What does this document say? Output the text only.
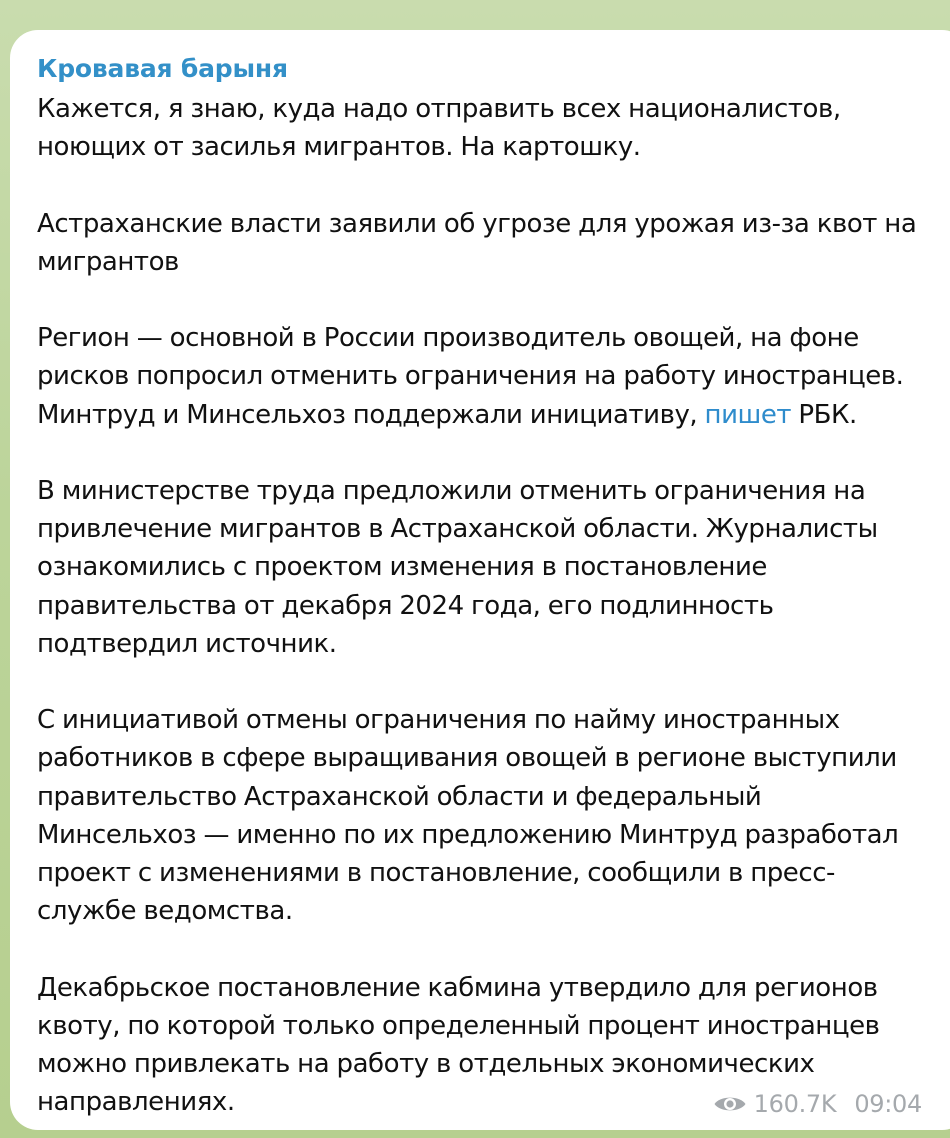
Кровавая барыня

Кажется, я знаю, куда надо отправить всех националистов,
ноющих от засилья мигрантов. На картошку.

Астраханские власти заявили об угрозе для урожая из-за квот на
мигрантов

Регион — основной в России производитель овощей, на фоне
рисков попросил отменить ограничения на работу иностранцев.
Минтруд и Минсельхоз поддержали инициативу, пишет РБК.

В министерстве труда предложили отменить ограничения на
привлечение мигрантов в Астраханской области. Журналисты
ознакомились с проектом изменения в постановление
правительства от декабря 2024 года, его подлинность
подтвердил источник.

С инициативой отмены ограничения по найму иностранных
работников в сфере выращивания овощей в регионе выступили
правительство Астраханской области и федеральный
Минсельхоз — именно по их предложению Минтруд разработал
проект с изменениями в постановление, сообщили в пресс-
службе ведомства.

Декабрьское постановление кабмина утвердило для регионов
квоту, по которой только определенный процент иностранцев
можно привлекать на работу в отдельных экономических
направлениях.	160.7K 09:04
